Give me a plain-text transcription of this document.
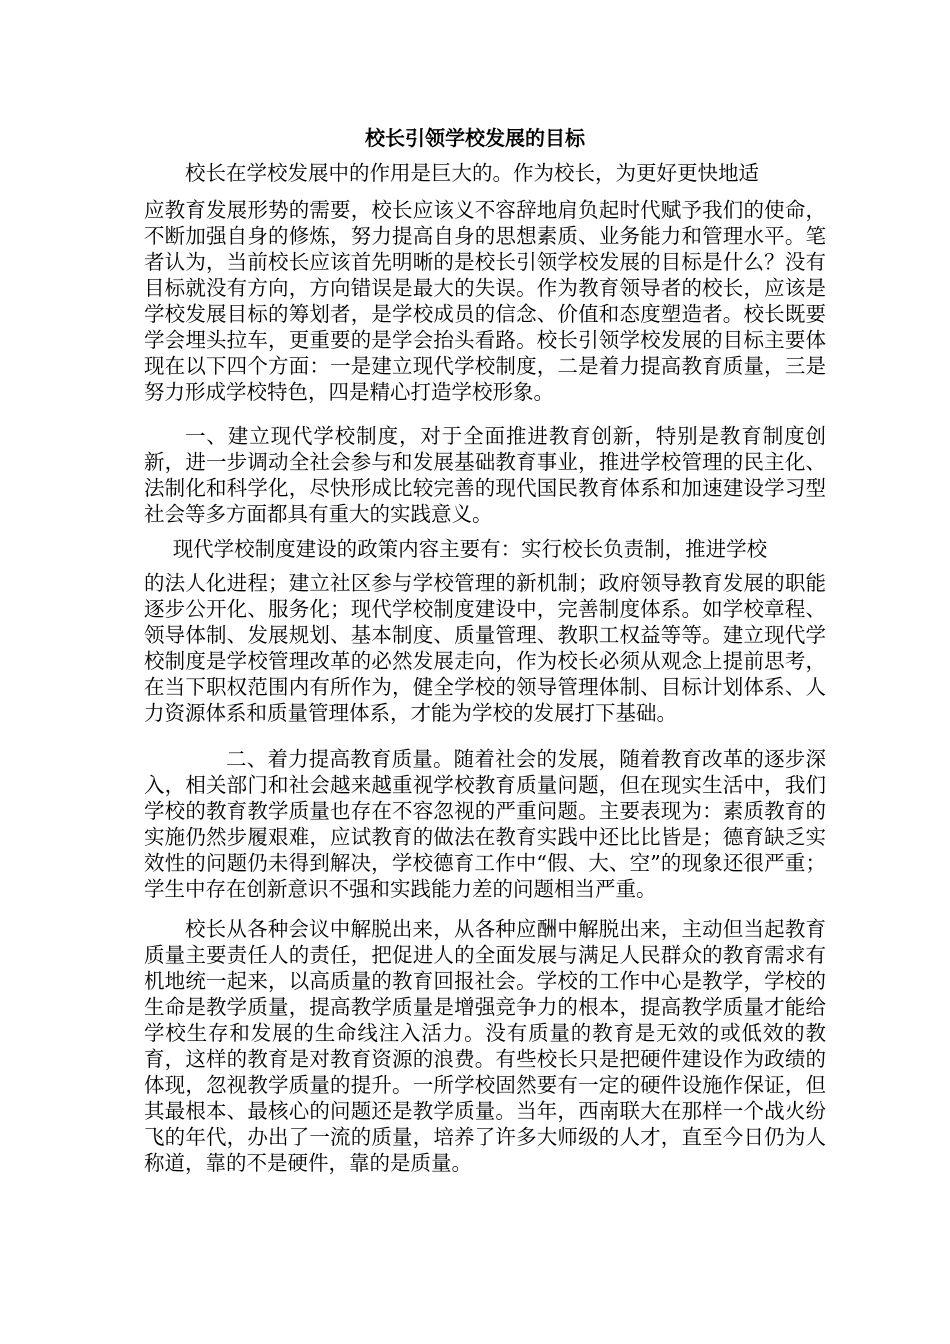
校长引领学校发展的目标

校长在学校发展中的作用是巨大的。作为校长，为更好更快地适

应教育发展形势的需要，校长应该义不容辞地肩负起时代赋予我们的使命，不断加强自身的修炼，努力提高自身的思想素质、业务能力和管理水平。笔者认为，当前校长应该首先明晰的是校长引领学校发展的目标是什么？没有目标就没有方向，方向错误是最大的失误。作为教育领导者的校长，应该是学校发展目标的筹划者，是学校成员的信念、价值和态度塑造者。校长既要学会埋头拉车，更重要的是学会抬头看路。校长引领学校发展的目标主要体现在以下四个方面：一是建立现代学校制度，二是着力提高教育质量，三是努力形成学校特色，四是精心打造学校形象。

一、建立现代学校制度，对于全面推进教育创新，特别是教育制度创新，进一步调动全社会参与和发展基础教育事业，推进学校管理的民主化、法制化和科学化，尽快形成比较完善的现代国民教育体系和加速建设学习型社会等多方面都具有重大的实践意义。

现代学校制度建设的政策内容主要有：实行校长负责制，推进学校

的法人化进程；建立社区参与学校管理的新机制；政府领导教育发展的职能逐步公开化、服务化；现代学校制度建设中，完善制度体系。如学校章程、领导体制、发展规划、基本制度、质量管理、教职工权益等等。建立现代学校制度是学校管理改革的必然发展走向，作为校长必须从观念上提前思考，在当下职权范围内有所作为，健全学校的领导管理体制、目标计划体系、人力资源体系和质量管理体系，才能为学校的发展打下基础。

二、着力提高教育质量。随着社会的发展，随着教育改革的逐步深入，相关部门和社会越来越重视学校教育质量问题，但在现实生活中，我们学校的教育教学质量也存在不容忽视的严重问题。主要表现为：素质教育的实施仍然步履艰难，应试教育的做法在教育实践中还比比皆是；德育缺乏实效性的问题仍未得到解决，学校德育工作中“假、大、空”的现象还很严重；学生中存在创新意识不强和实践能力差的问题相当严重。

校长从各种会议中解脱出来，从各种应酬中解脱出来，主动但当起教育质量主要责任人的责任，把促进人的全面发展与满足人民群众的教育需求有机地统一起来，以高质量的教育回报社会。学校的工作中心是教学，学校的生命是教学质量，提高教学质量是增强竞争力的根本，提高教学质量才能给学校生存和发展的生命线注入活力。没有质量的教育是无效的或低效的教育，这样的教育是对教育资源的浪费。有些校长只是把硬件建设作为政绩的体现，忽视教学质量的提升。一所学校固然要有一定的硬件设施作保证，但其最根本、最核心的问题还是教学质量。当年，西南联大在那样一个战火纷飞的年代，办出了一流的质量，培养了许多大师级的人才，直至今日仍为人称道，靠的不是硬件，靠的是质量。
